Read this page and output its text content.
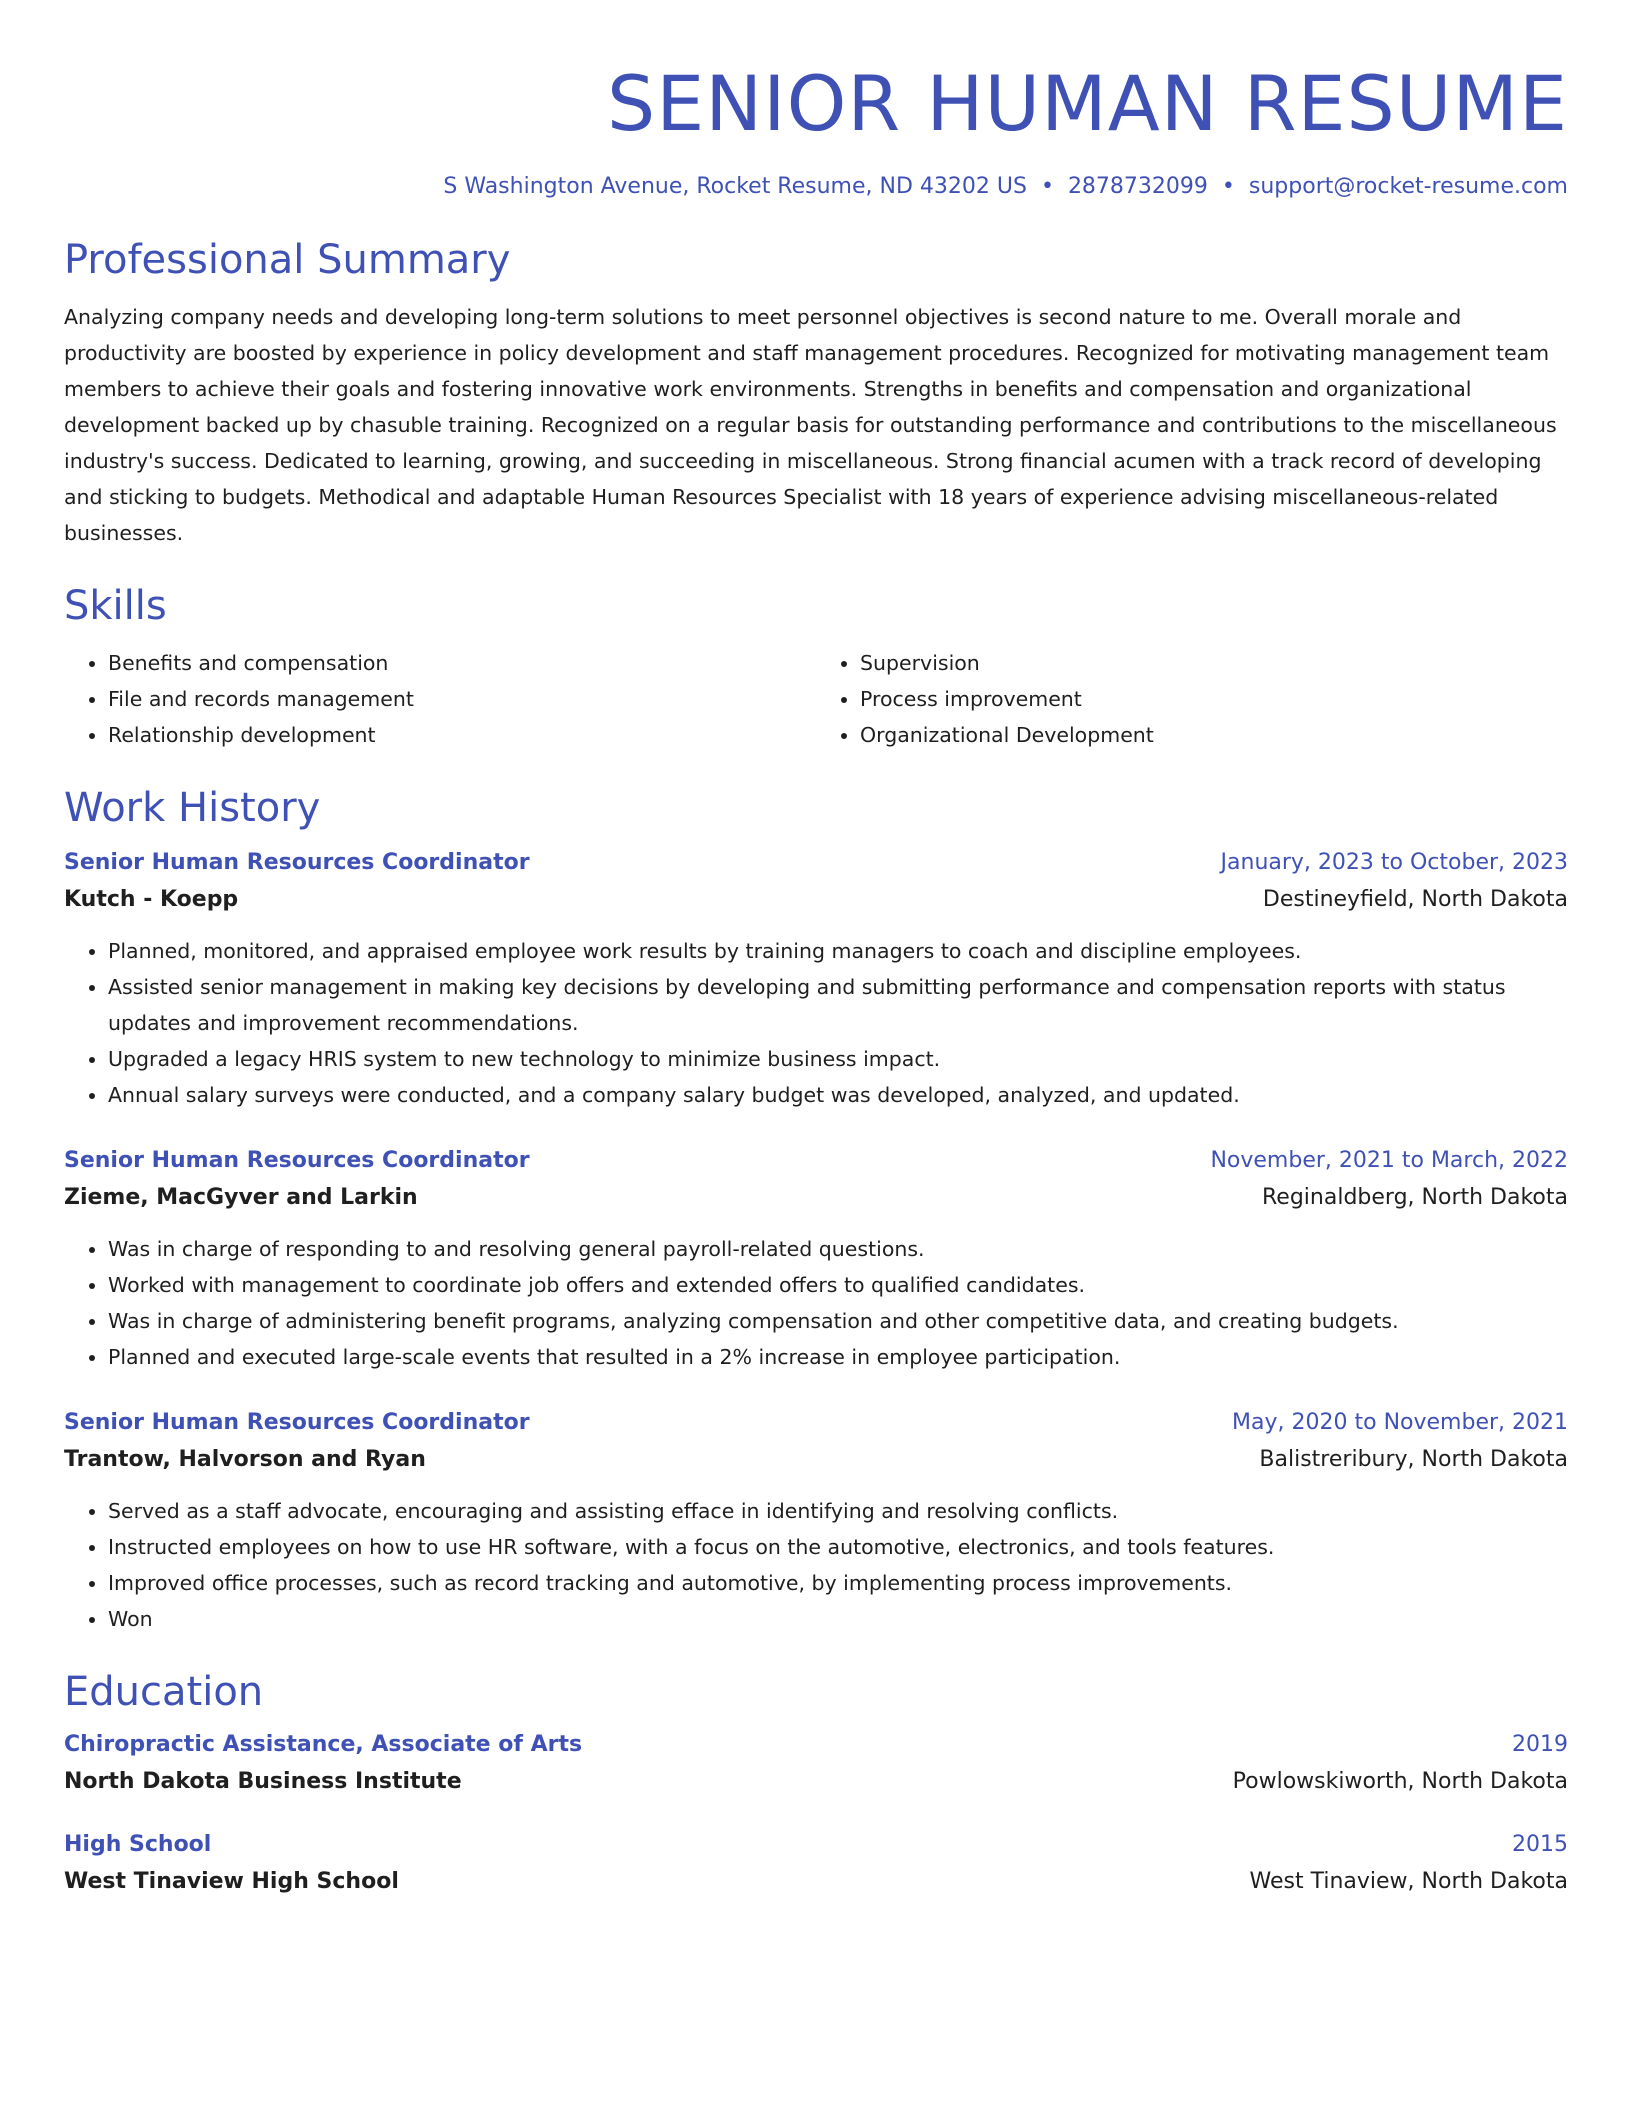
SENIOR HUMAN RESUME
S Washington Avenue, Rocket Resume, ND 43202 US • 2878732099 • support@rocket-resume.com
Professional Summary
Analyzing company needs and developing long-term solutions to meet personnel objectives is second nature to me. Overall morale and productivity are boosted by experience in policy development and staff management procedures. Recognized for motivating management team members to achieve their goals and fostering innovative work environments. Strengths in benefits and compensation and organizational development backed up by chasuble training. Recognized on a regular basis for outstanding performance and contributions to the miscellaneous industry's success. Dedicated to learning, growing, and succeeding in miscellaneous. Strong financial acumen with a track record of developing and sticking to budgets. Methodical and adaptable Human Resources Specialist with 18 years of experience advising miscellaneous-related businesses.
Skills
• Benefits and compensation
• File and records management
• Relationship development
• Supervision
• Process improvement
• Organizational Development
Work History
Senior Human Resources Coordinator	January, 2023 to October, 2023
Kutch - Koepp	Destineyfield, North Dakota
• Planned, monitored, and appraised employee work results by training managers to coach and discipline employees.
• Assisted senior management in making key decisions by developing and submitting performance and compensation reports with status updates and improvement recommendations.
• Upgraded a legacy HRIS system to new technology to minimize business impact.
• Annual salary surveys were conducted, and a company salary budget was developed, analyzed, and updated.
Senior Human Resources Coordinator	November, 2021 to March, 2022
Zieme, MacGyver and Larkin	Reginaldberg, North Dakota
• Was in charge of responding to and resolving general payroll-related questions.
• Worked with management to coordinate job offers and extended offers to qualified candidates.
• Was in charge of administering benefit programs, analyzing compensation and other competitive data, and creating budgets.
• Planned and executed large-scale events that resulted in a 2% increase in employee participation.
Senior Human Resources Coordinator	May, 2020 to November, 2021
Trantow, Halvorson and Ryan	Balistreribury, North Dakota
• Served as a staff advocate, encouraging and assisting efface in identifying and resolving conflicts.
• Instructed employees on how to use HR software, with a focus on the automotive, electronics, and tools features.
• Improved office processes, such as record tracking and automotive, by implementing process improvements.
• Won
Education
Chiropractic Assistance, Associate of Arts	2019
North Dakota Business Institute	Powlowskiworth, North Dakota
High School	2015
West Tinaview High School	West Tinaview, North Dakota
